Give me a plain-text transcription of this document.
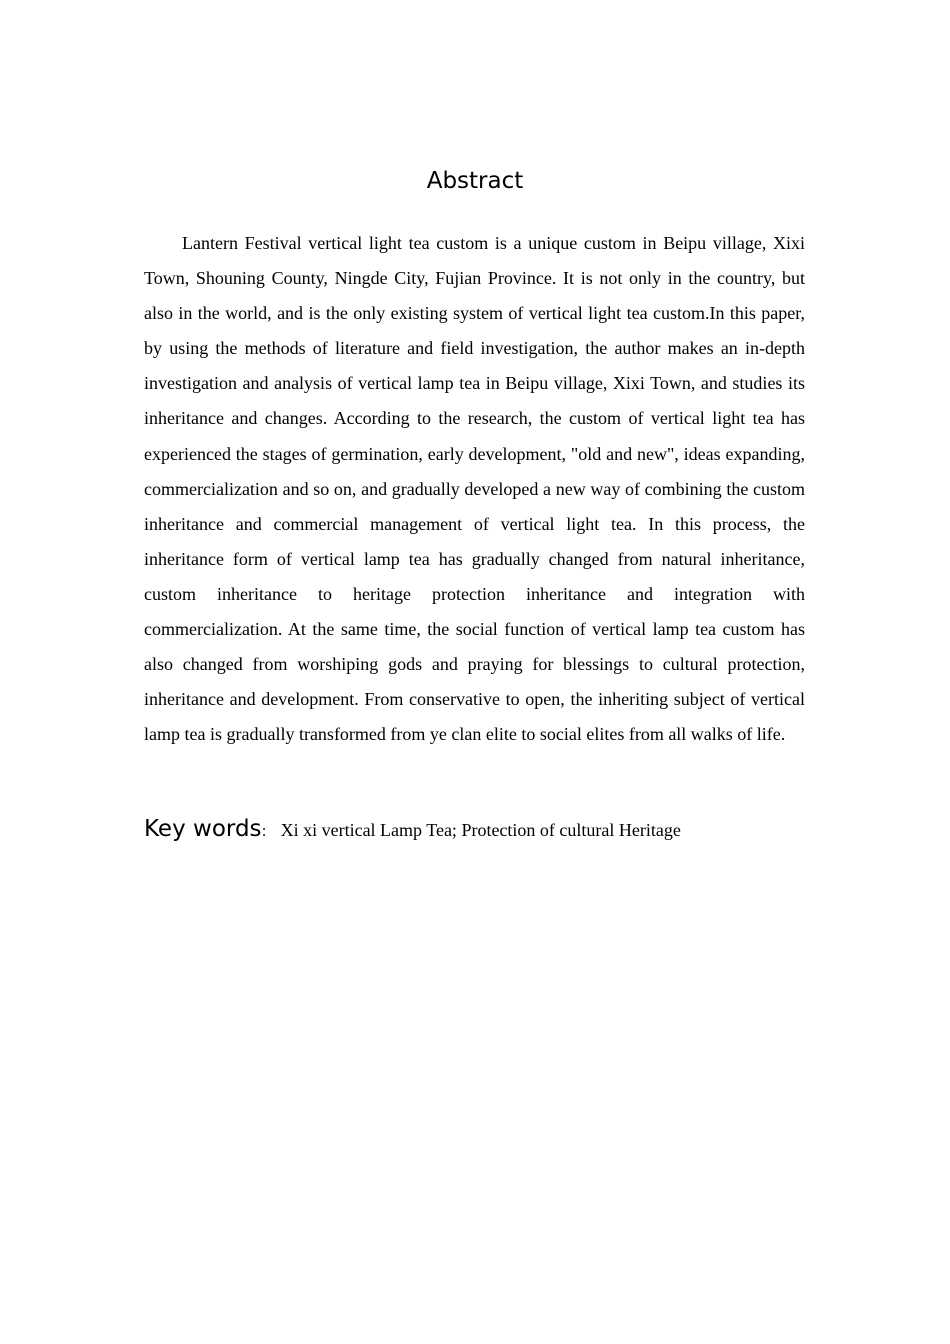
Abstract

Lantern Festival vertical light tea custom is a unique custom in Beipu village, Xixi Town, Shouning County, Ningde City, Fujian Province. It is not only in the country, but also in the world, and is the only existing system of vertical light tea custom.In this paper, by using the methods of literature and field investigation, the author makes an in-depth investigation and analysis of vertical lamp tea in Beipu village, Xixi Town, and studies its inheritance and changes. According to the research, the custom of vertical light tea has experienced the stages of germination, early development, "old and new", ideas expanding, commercialization and so on, and gradually developed a new way of combining the custom inheritance and commercial management of vertical light tea. In this process, the inheritance form of vertical lamp tea has gradually changed from natural inheritance, custom inheritance to heritage protection inheritance and integration with commercialization. At the same time, the social function of vertical lamp tea custom has also changed from worshiping gods and praying for blessings to cultural protection, inheritance and development. From conservative to open, the inheriting subject of vertical lamp tea is gradually transformed from ye clan elite to social elites from all walks of life.

Key words: Xi xi vertical Lamp Tea; Protection of cultural Heritage
